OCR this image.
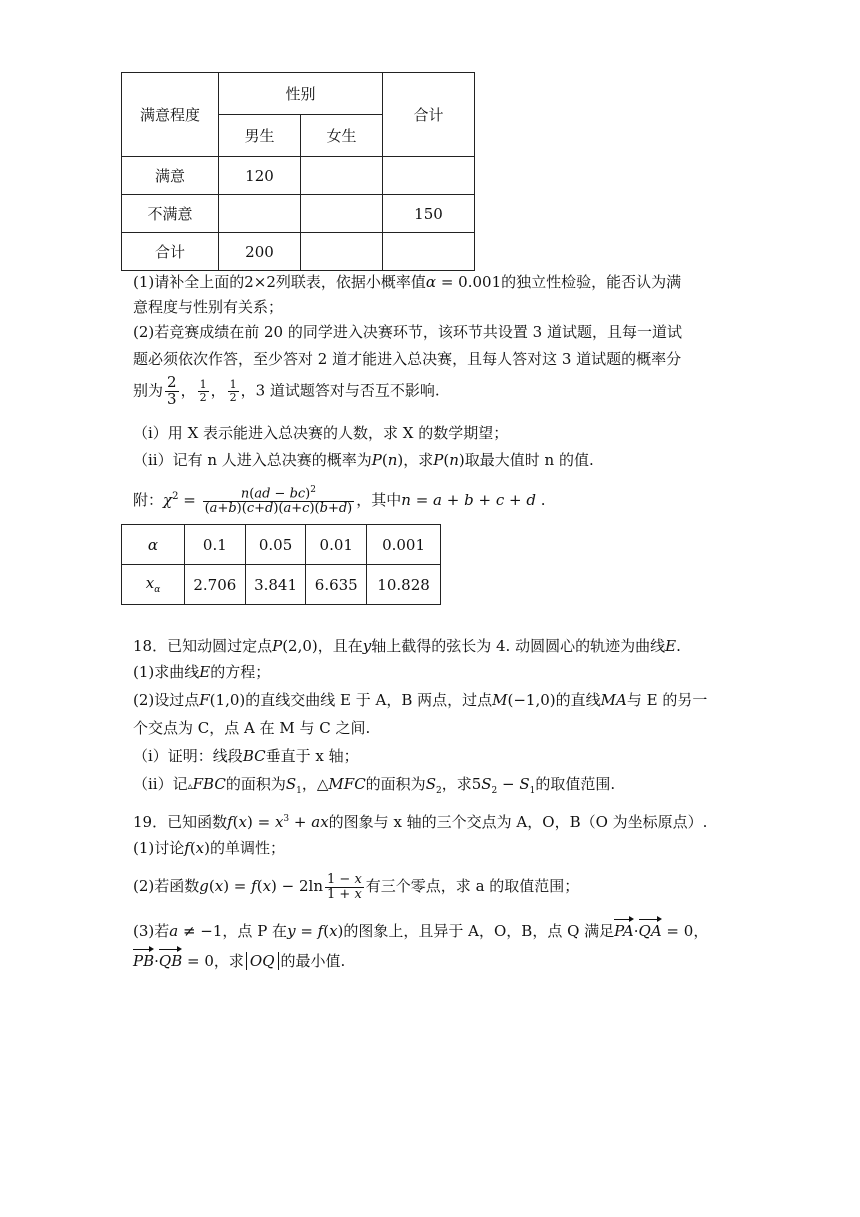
满意程度	性别		合计
	男生	女生	
满意	120		
不满意			150
合计	200		
(1)请补全上面的2×2列联表，依据小概率值α = 0.001的独立性检验，能否认为满
意程度与性别有关系；
(2)若竞赛成绩在前 20 的同学进入决赛环节，该环节共设置 3 道试题，且每一道试
题必须依次作答，至少答对 2 道才能进入总决赛，且每人答对这 3 道试题的概率分
别为 $\frac{2}{3}$ ， $\frac{1}{2}$ ， $\frac{1}{2}$ ，3 道试题答对与否互不影响.
（i）用 X 表示能进入总决赛的人数，求 X 的数学期望；
（ii）记有 n 人进入总决赛的概率为P(n)，求P(n)取最大值时 n 的值.
附：$\chi^2 = \frac{n(ad - bc)^2}{(a+b)(c+d)(a+c)(b+d)}$ ，其中n = a + b + c + d .
α	0.1	0.05	0.01	0.001
$x_\alpha$	2.706	3.841	6.635	10.828
18．已知动圆过定点P(2,0)，且在y轴上截得的弦长为 4. 动圆圆心的轨迹为曲线E.
(1)求曲线E的方程；
(2)设过点F(1,0)的直线交曲线 E 于 A，B 两点，过点M(−1,0)的直线MA与 E 的另一
个交点为 C，点 A 在 M 与 C 之间.
（i）证明：线段BC垂直于 x 轴；
（ii）记▵FBC的面积为$S_1$，△MFC的面积为$S_2$，求$5S_2 - S_1$的取值范围.
19．已知函数$f(x) = x^3$ + ax的图象与 x 轴的三个交点为 A，O，B（O 为坐标原点）.
(1)讨论f(x)的单调性；
(2)若函数$g(x) = f(x) - 2\ln \frac{1 - x}{1 + x}$ 有三个零点，求 a 的取值范围；
(3)若a ≠ −1，点 P 在y = f(x)的图象上，且异于 A，O，B，点 Q 满足PA·QA = 0，
PB·QB = 0，求 OQ 的最小值.
